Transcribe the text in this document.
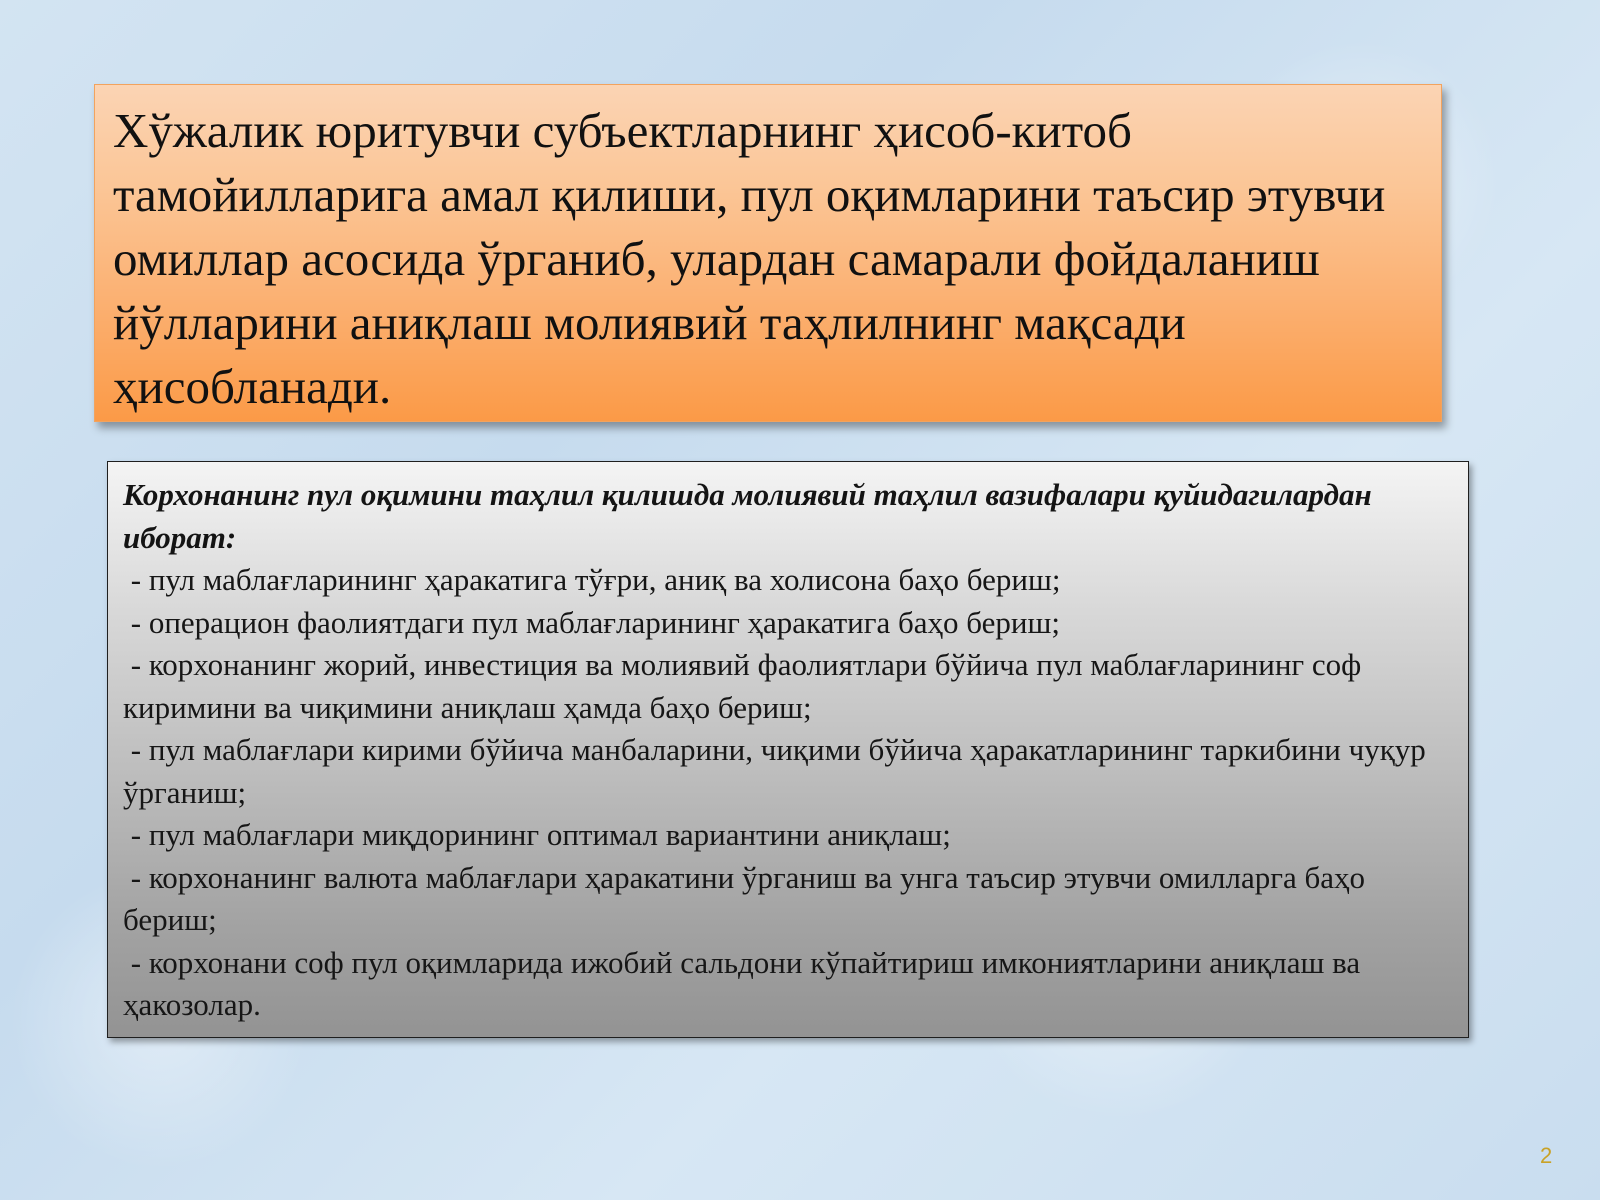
Хўжалик юритувчи субъектларнинг ҳисоб-китоб тамойилларига амал қилиши, пул оқимларини таъсир этувчи омиллар асосида ўрганиб, улардан самарали фойдаланиш йўлларини аниқлаш молиявий таҳлилнинг мақсади ҳисобланади.

Корхонанинг пул оқимини таҳлил қилишда молиявий таҳлил вазифалари қуйидагилардан иборат:

- пул маблағларининг ҳаракатига тўғри, аниқ ва холисона баҳо бериш;
- операцион фаолиятдаги пул маблағларининг ҳаракатига баҳо бериш;
- корхонанинг жорий, инвестиция ва молиявий фаолиятлари бўйича пул маблағларининг соф киримини ва чиқимини аниқлаш ҳамда баҳо бериш;
- пул маблағлари кирими бўйича манбаларини, чиқими бўйича ҳаракатларининг таркибини чуқур ўрганиш;
- пул маблағлари миқдорининг оптимал вариантини аниқлаш;
- корхонанинг валюта маблағлари ҳаракатини ўрганиш ва унга таъсир этувчи омилларга баҳо бериш;
- корхонани соф пул оқимларида ижобий сальдони кўпайтириш имкониятларини аниқлаш ва ҳакозолар.
2
